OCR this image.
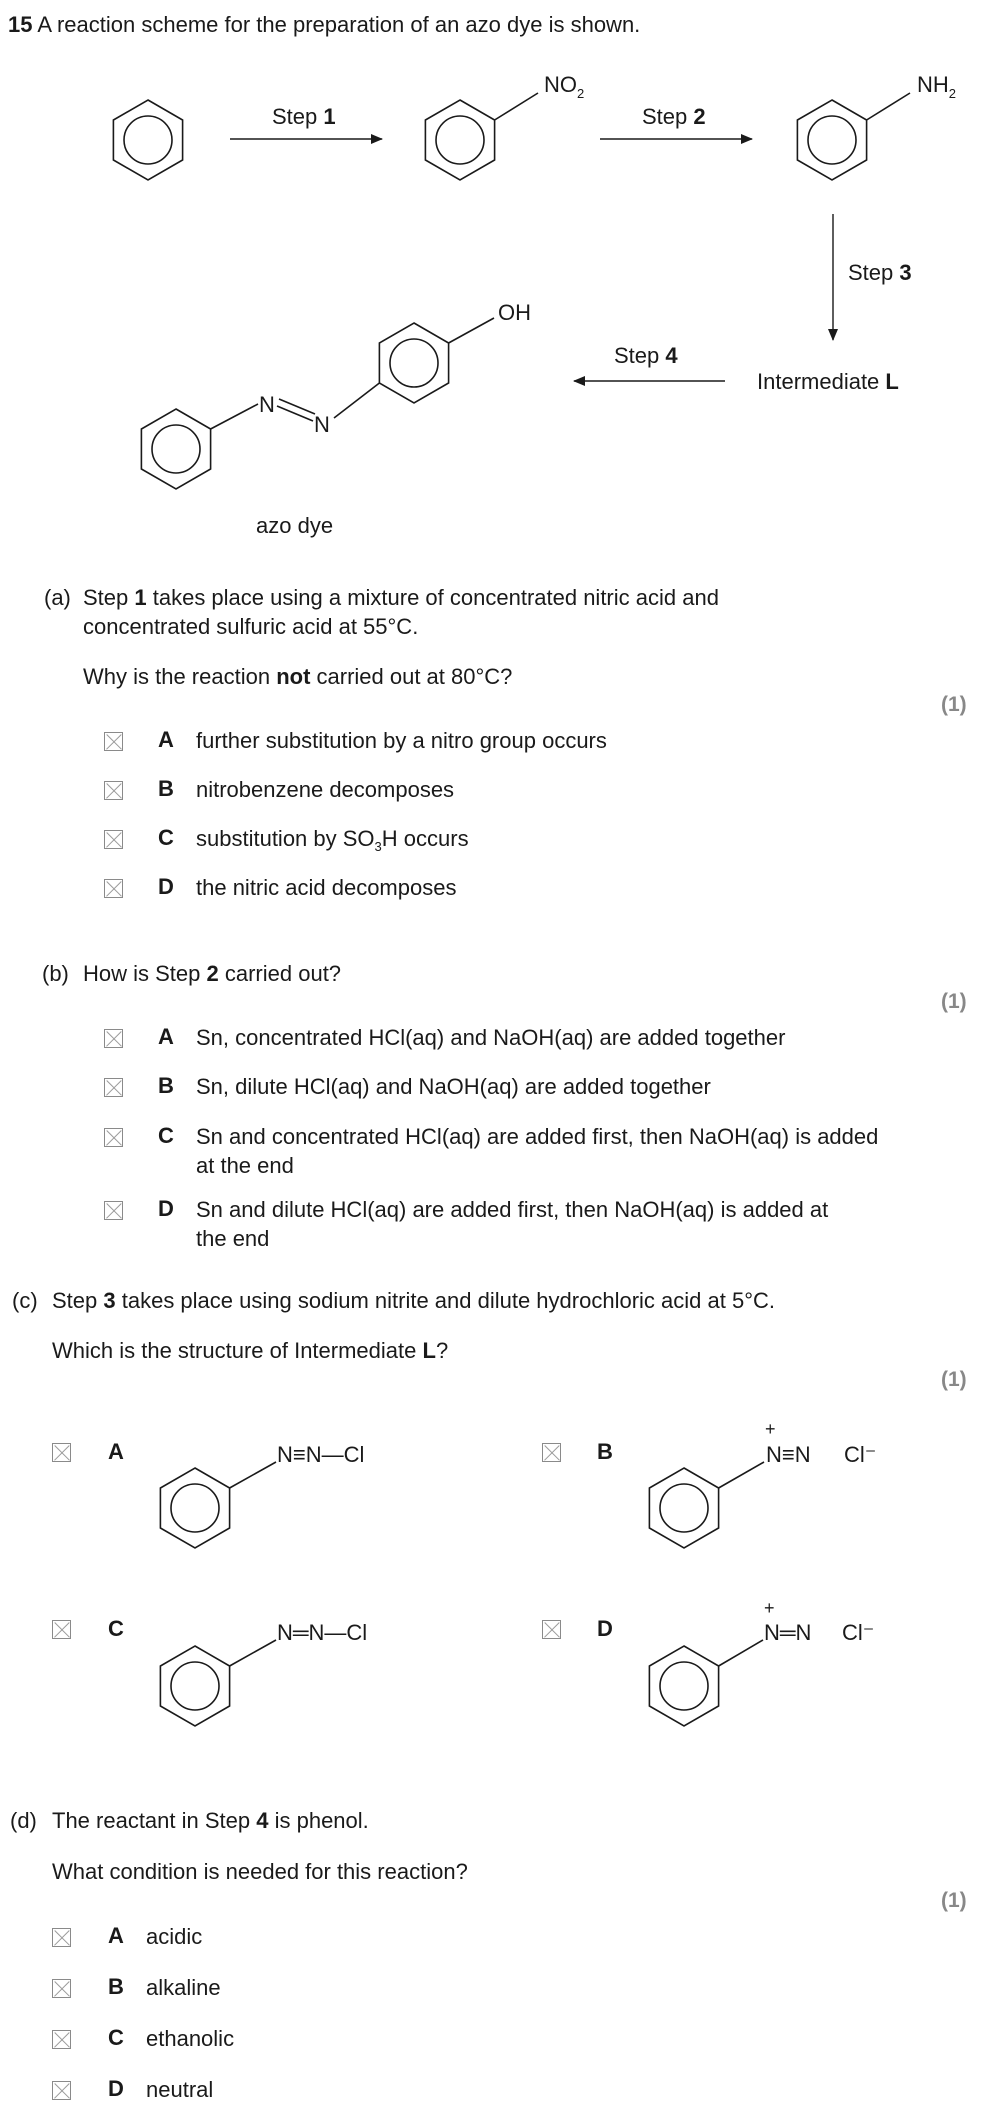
15 A reaction scheme for the preparation of an azo dye is shown.
Step 1
$NO_2$
Step 2
$NH_2$
Step 3
Intermediate L
Step 4
N
N
OH
azo dye
(a) Step 1 takes place using a mixture of concentrated nitric acid and
concentrated sulfuric acid at 55°C.
Why is the reaction not carried out at 80°C?
(1)
A further substitution by a nitro group occurs
B nitrobenzene decomposes
C substitution by $SO_3H$ occurs
D the nitric acid decomposes
(b) How is Step 2 carried out?
(1)
A Sn, concentrated HCl(aq) and NaOH(aq) are added together
B Sn, dilute HCl(aq) and NaOH(aq) are added together
C Sn and concentrated HCl(aq) are added first, then NaOH(aq) is added
at the end
D Sn and dilute HCl(aq) are added first, then NaOH(aq) is added at
the end
(c) Step 3 takes place using sodium nitrite and dilute hydrochloric acid at 5°C.
Which is the structure of Intermediate L?
(1)
A	B
C	D
N≡N—Cl
+
N≡N Cl⁻
N═N—Cl
+
N═N Cl⁻
(d) The reactant in Step 4 is phenol.
What condition is needed for this reaction?
(1)
A acidic
B alkaline
C ethanolic
D neutral
